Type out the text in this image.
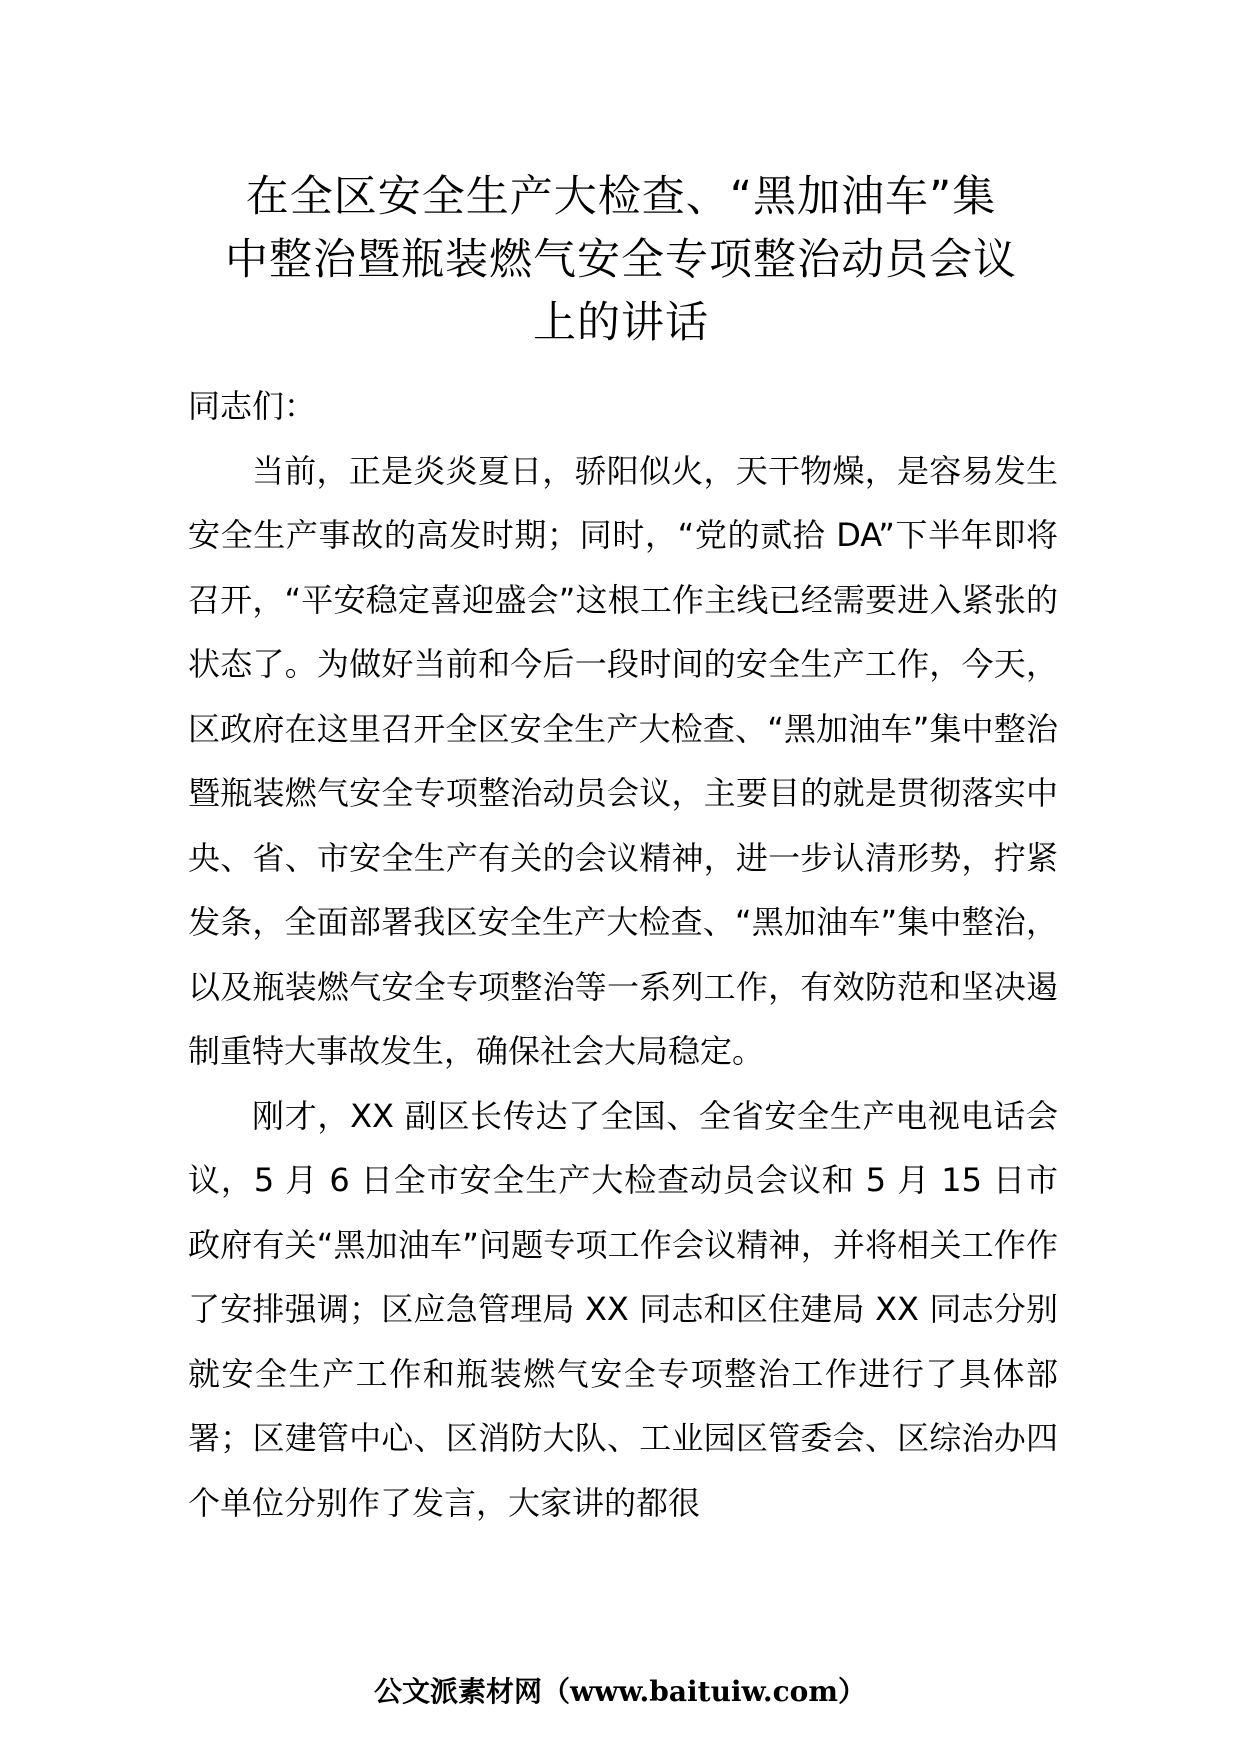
在全区安全生产大检查、“黑加油车”集
中整治暨瓶装燃气安全专项整治动员会议
上的讲话

同志们：

当前，正是炎炎夏日，骄阳似火，天干物燥，是容易发生安全生产事故的高发时期；同时，“党的贰拾 DA”下半年即将召开，“平安稳定喜迎盛会”这根工作主线已经需要进入紧张的状态了。为做好当前和今后一段时间的安全生产工作，今天，区政府在这里召开全区安全生产大检查、“黑加油车”集中整治暨瓶装燃气安全专项整治动员会议，主要目的就是贯彻落实中央、省、市安全生产有关的会议精神，进一步认清形势，拧紧发条，全面部署我区安全生产大检查、“黑加油车”集中整治，以及瓶装燃气安全专项整治等一系列工作，有效防范和坚决遏制重特大事故发生，确保社会大局稳定。

刚才，XX 副区长传达了全国、全省安全生产电视电话会议，5 月 6 日全市安全生产大检查动员会议和 5 月 15 日市政府有关“黑加油车”问题专项工作会议精神，并将相关工作作了安排强调；区应急管理局 XX 同志和区住建局 XX 同志分别就安全生产工作和瓶装燃气安全专项整治工作进行了具体部署；区建管中心、区消防大队、工业园区管委会、区综治办四个单位分别作了发言，大家讲的都很

公文派素材网（www.baituiw.com）
